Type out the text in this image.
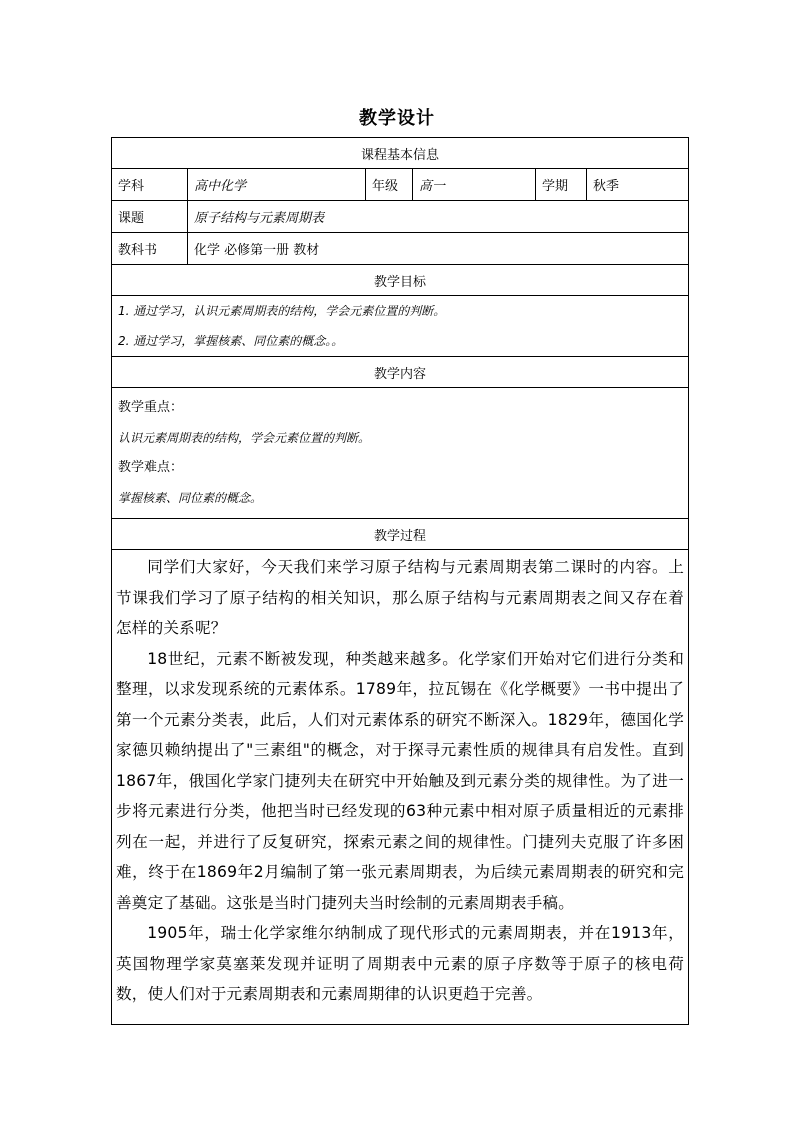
教学设计
课程基本信息					
学科	高中化学	年级	高一	学期	秋季
课题	原子结构与元素周期表				
教科书	化学 必修第一册 教材				
教学目标					

1. 通过学习，认识元素周期表的结构，学会元素位置的判断。
2. 通过学习，掌握核素、同位素的概念。。					

教学内容					

教学重点：
认识元素周期表的结构，学会元素位置的判断。
教学难点：
掌握核素、同位素的概念。					

教学过程					

同学们大家好，今天我们来学习原子结构与元素周期表第二课时的内容。上节课我们学习了原子结构的相关知识，那么原子结构与元素周期表之间又存在着怎样的关系呢？

18世纪，元素不断被发现，种类越来越多。化学家们开始对它们进行分类和整理，以求发现系统的元素体系。1789年，拉瓦锡在《化学概要》一书中提出了第一个元素分类表，此后，人们对元素体系的研究不断深入。1829年，德国化学家德贝赖纳提出了"三素组"的概念，对于探寻元素性质的规律具有启发性。直到1867年，俄国化学家门捷列夫在研究中开始触及到元素分类的规律性。为了进一步将元素进行分类，他把当时已经发现的63种元素中相对原子质量相近的元素排列在一起，并进行了反复研究，探索元素之间的规律性。门捷列夫克服了许多困难，终于在1869年2月编制了第一张元素周期表，为后续元素周期表的研究和完善奠定了基础。这张是当时门捷列夫当时绘制的元素周期表手稿。

1905年，瑞士化学家维尔纳制成了现代形式的元素周期表，并在1913年，英国物理学家莫塞莱发现并证明了周期表中元素的原子序数等于原子的核电荷数，使人们对于元素周期表和元素周期律的认识更趋于完善。					
